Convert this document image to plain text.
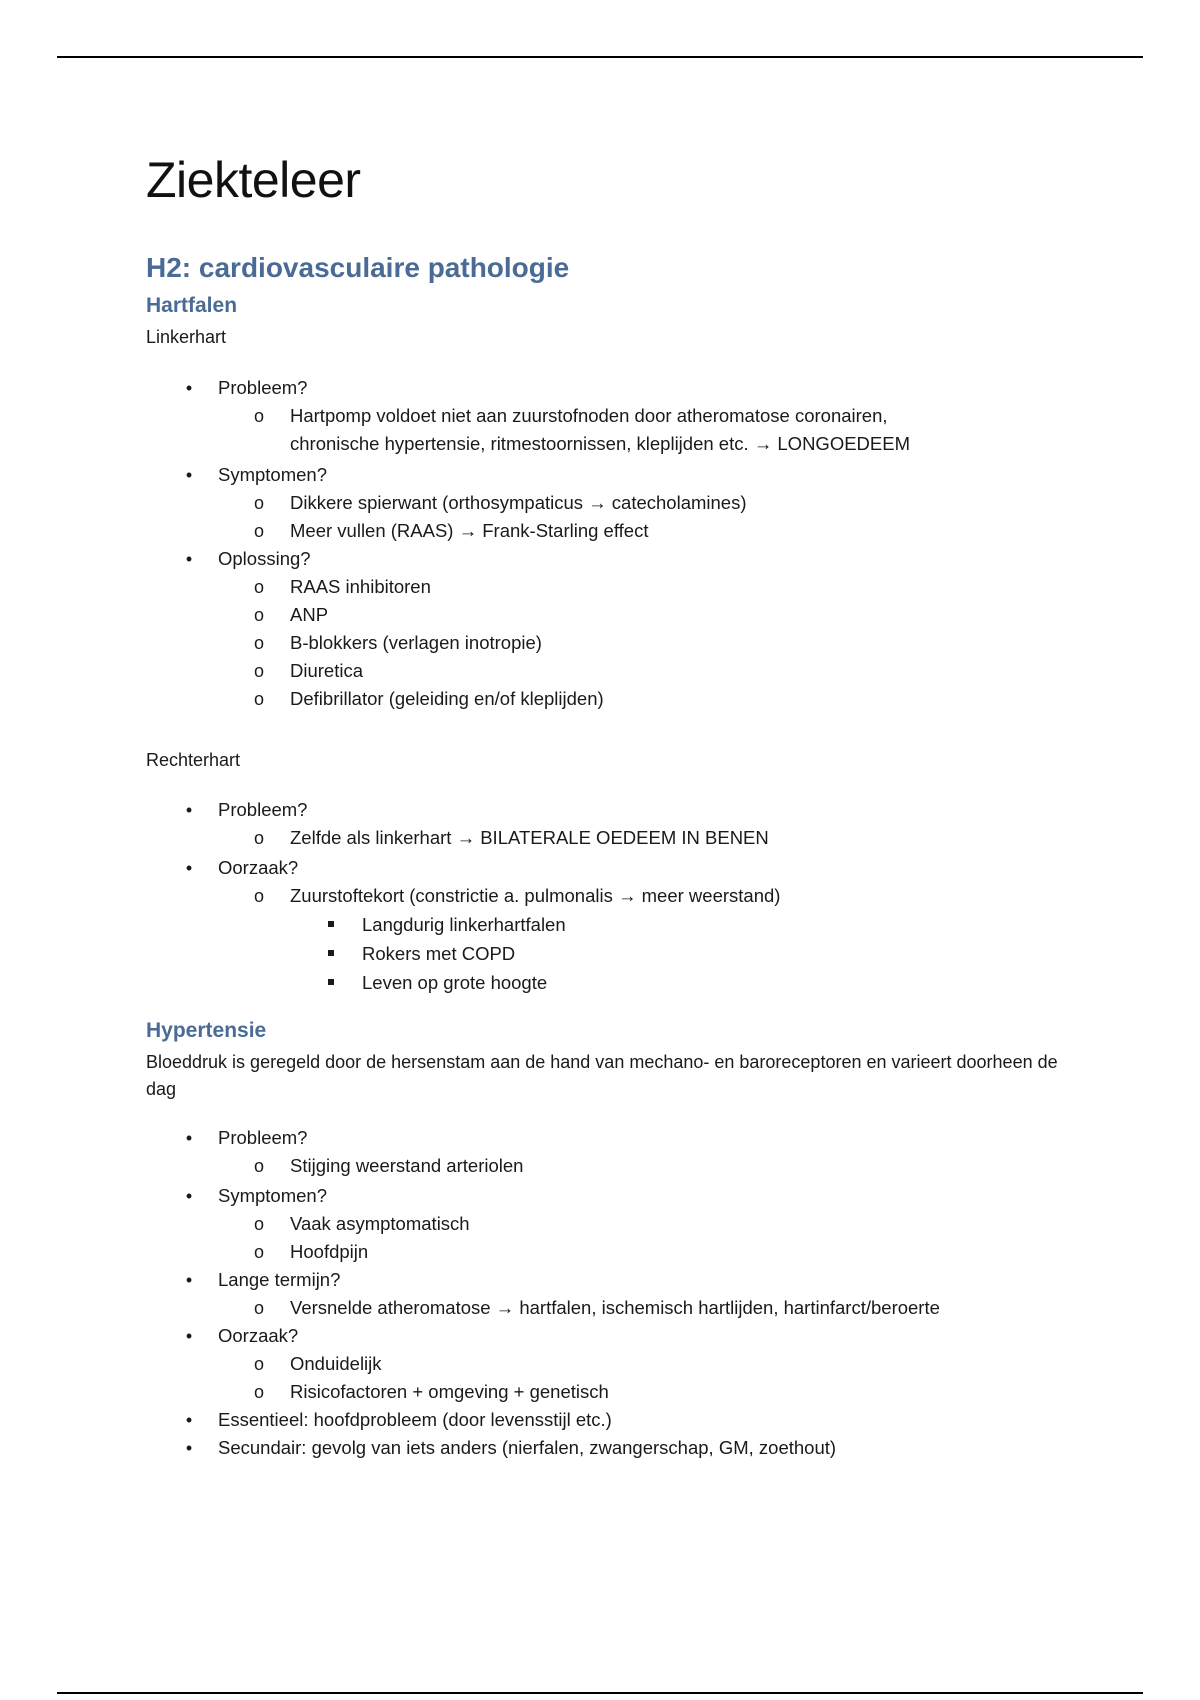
Ziekteleer
H2: cardiovasculaire pathologie
Hartfalen

Linkerhart

• Probleem?
o Hartpomp voldoet niet aan zuurstofnoden door atheromatose coronairen, chronische hypertensie, ritmestoornissen, kleplijden etc. → LONGOEDEEM
• Symptomen?
o Dikkere spierwant (orthosympaticus → catecholamines)
o Meer vullen (RAAS) → Frank-Starling effect
• Oplossing?
o RAAS inhibitoren
o ANP
o B-blokkers (verlagen inotropie)
o Diuretica
o Defibrillator (geleiding en/of kleplijden)

Rechterhart

• Probleem?
o Zelfde als linkerhart → BILATERALE OEDEEM IN BENEN
• Oorzaak?
o Zuurstoftekort (constrictie a. pulmonalis → meer weerstand)
Langdurig linkerhartfalen
Rokers met COPD
Leven op grote hoogte
Hypertensie

Bloeddruk is geregeld door de hersenstam aan de hand van mechano- en baroreceptoren en varieert doorheen de dag

• Probleem?
o Stijging weerstand arteriolen
• Symptomen?
o Vaak asymptomatisch
o Hoofdpijn
• Lange termijn?
o Versnelde atheromatose → hartfalen, ischemisch hartlijden, hartinfarct/beroerte
• Oorzaak?
o Onduidelijk
o Risicofactoren + omgeving + genetisch
• Essentieel: hoofdprobleem (door levensstijl etc.)
• Secundair: gevolg van iets anders (nierfalen, zwangerschap, GM, zoethout)
